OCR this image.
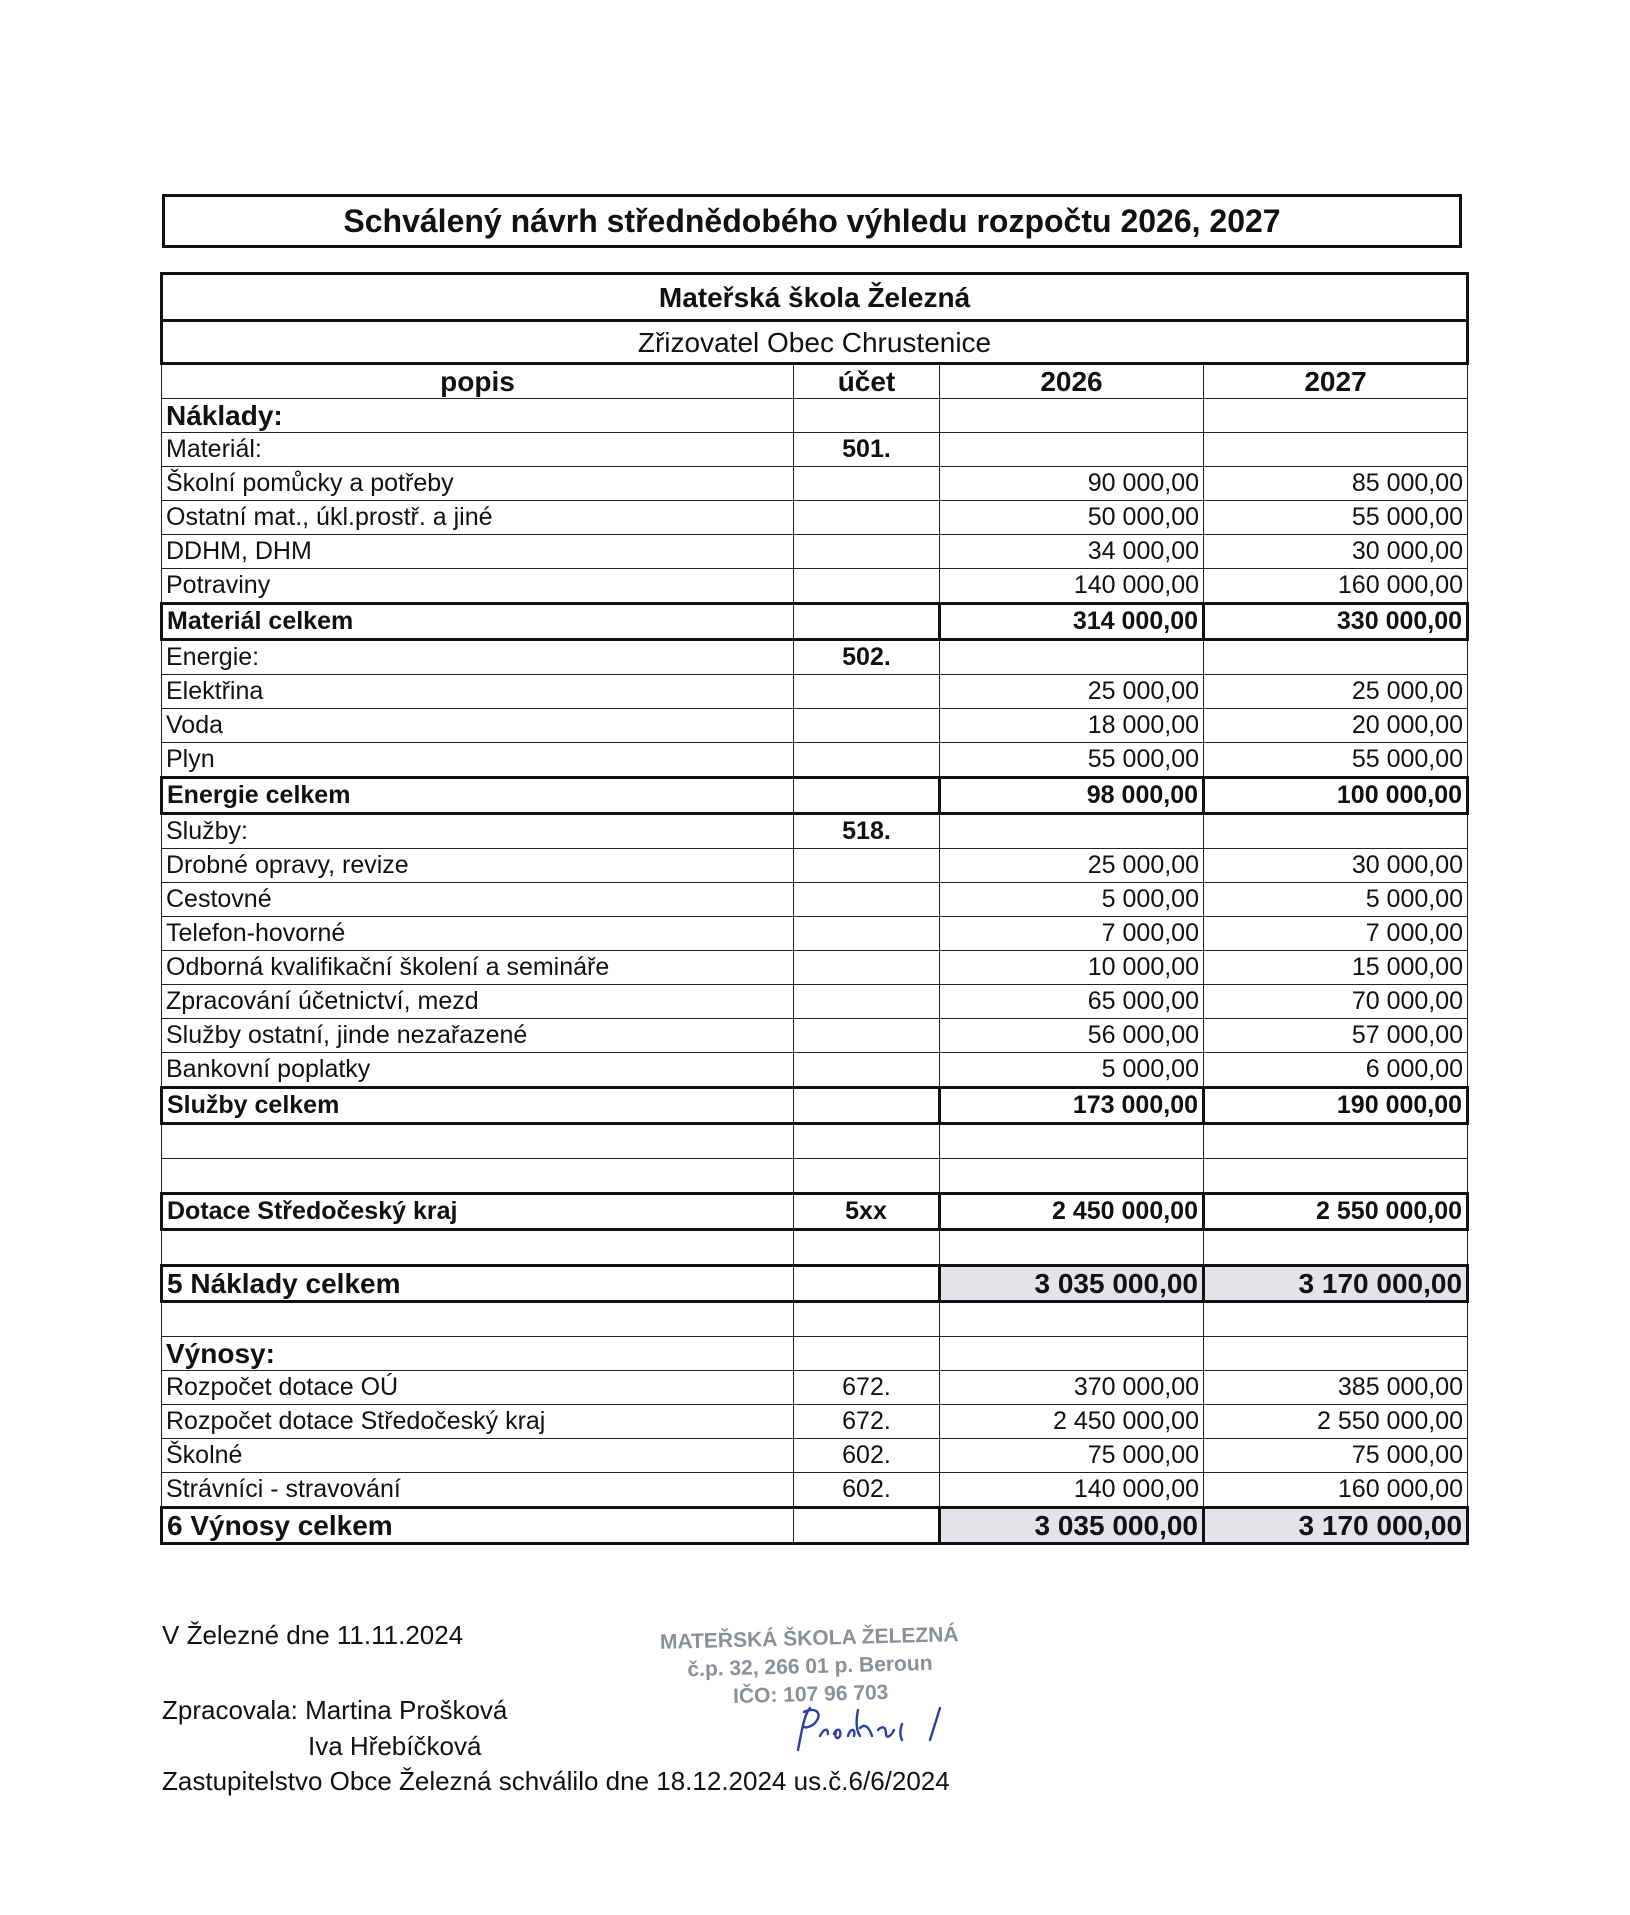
Schválený návrh střednědobého výhledu rozpočtu 2026, 2027
Mateřská škola Železná			
Zřizovatel Obec Chrustenice			
popis	účet	2026	2027
Náklady:			
Materiál:	501.		
Školní pomůcky a potřeby		90 000,00	85 000,00
Ostatní mat., úkl.prostř. a jiné		50 000,00	55 000,00
DDHM, DHM		34 000,00	30 000,00
Potraviny		140 000,00	160 000,00
Materiál celkem		314 000,00	330 000,00
Energie:	502.		
Elektřina		25 000,00	25 000,00
Voda		18 000,00	20 000,00
Plyn		55 000,00	55 000,00
Energie celkem		98 000,00	100 000,00
Služby:	518.		
Drobné opravy, revize		25 000,00	30 000,00
Cestovné		5 000,00	5 000,00
Telefon-hovorné		7 000,00	7 000,00
Odborná kvalifikační školení a semináře		10 000,00	15 000,00
Zpracování účetnictví, mezd		65 000,00	70 000,00
Služby ostatní, jinde nezařazené		56 000,00	57 000,00
Bankovní poplatky		5 000,00	6 000,00
Služby celkem		173 000,00	190 000,00

Dotace Středočeský kraj	5xx	2 450 000,00	2 550 000,00

5 Náklady celkem		3 035 000,00	3 170 000,00

Výnosy:			
Rozpočet dotace OÚ	672.	370 000,00	385 000,00
Rozpočet dotace Středočeský kraj	672.	2 450 000,00	2 550 000,00
Školné	602.	75 000,00	75 000,00
Strávníci - stravování	602.	140 000,00	160 000,00
6 Výnosy celkem		3 035 000,00	3 170 000,00
V Železné dne 11.11.2024
Zpracovala: Martina Prošková
Iva Hřebíčková
Zastupitelstvo Obce Železná schválilo dne 18.12.2024 us.č.6/6/2024
MATEŘSKÁ ŠKOLA ŽELEZNÁ
č.p. 32, 266 01 p. Beroun
IČO: 107 96 703
